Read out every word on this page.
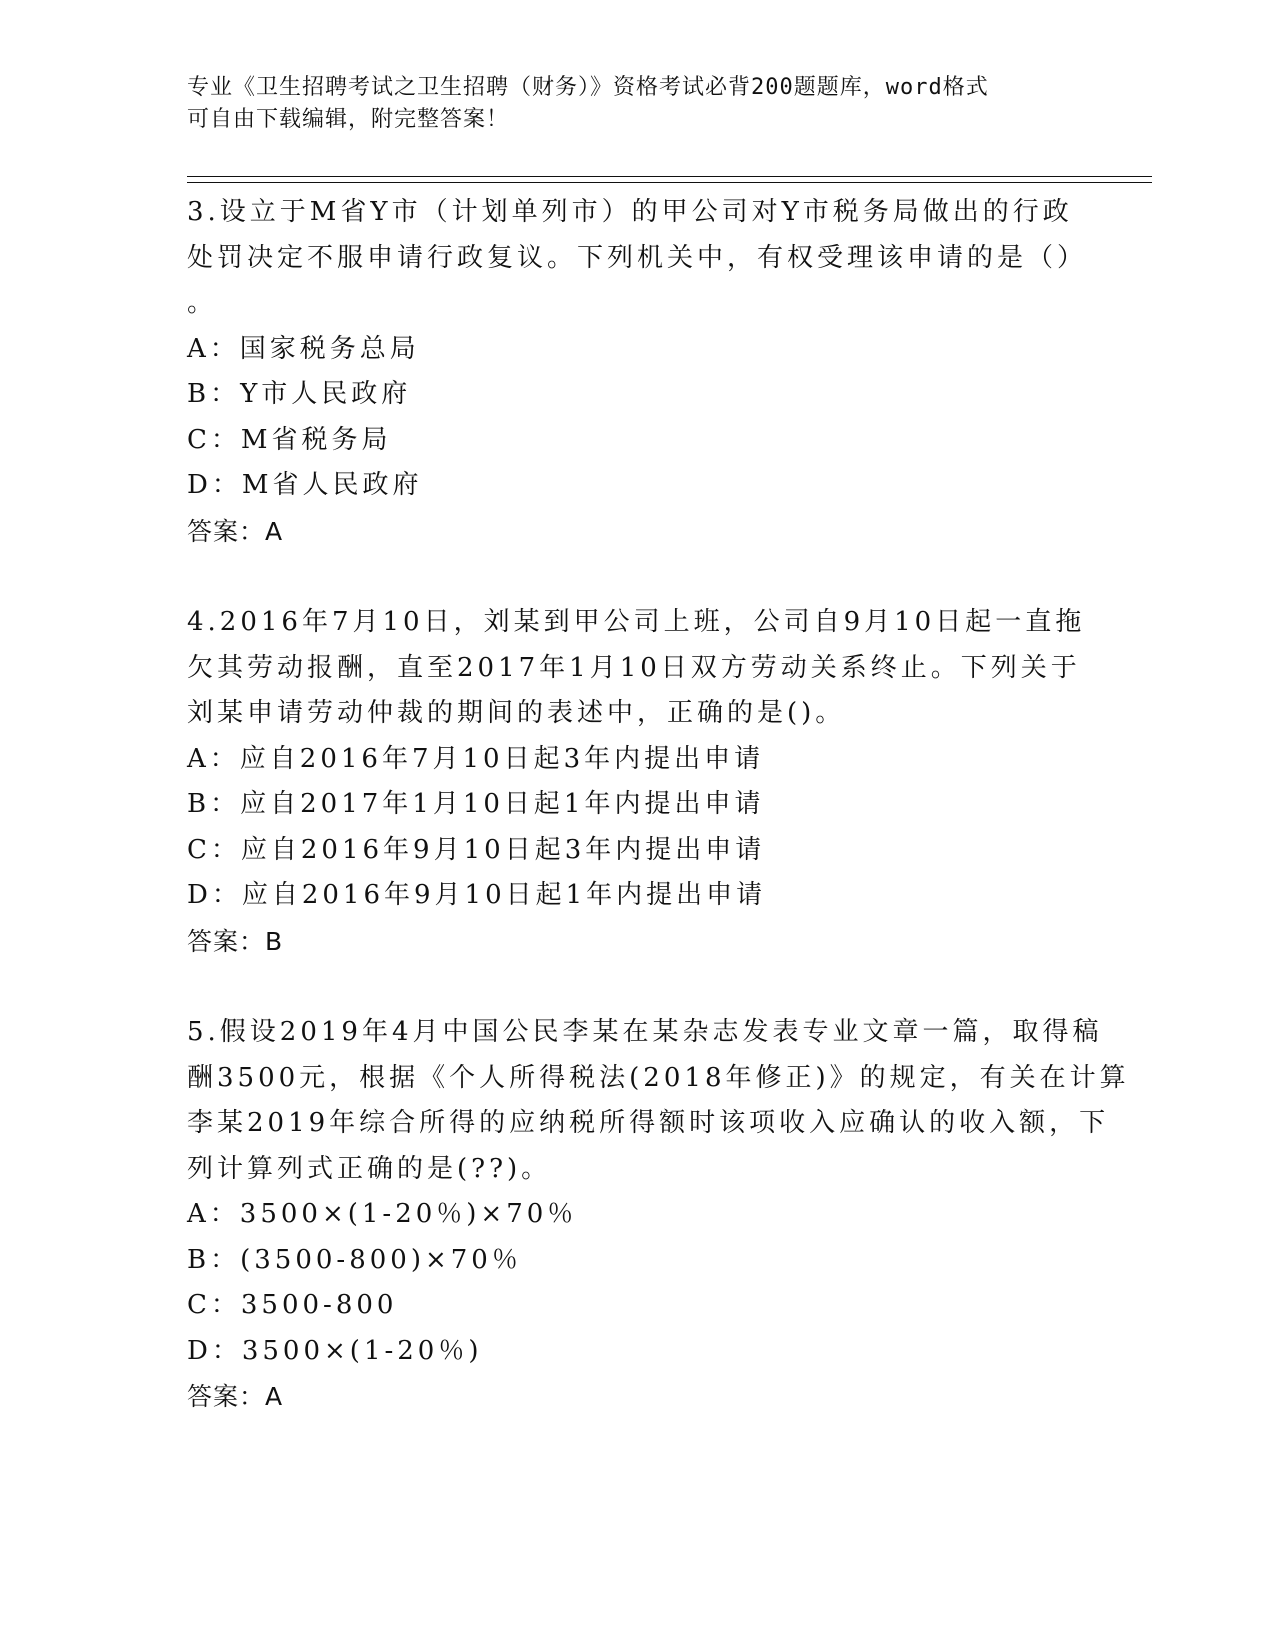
专业《卫生招聘考试之卫生招聘（财务）》资格考试必背200题题库，word格式
可自由下载编辑，附完整答案！
3.设立于M省Y市（计划单列市）的甲公司对Y市税务局做出的行政
处罚决定不服申请行政复议。下列机关中，有权受理该申请的是（）
。
A：国家税务总局
B：Y市人民政府
C：M省税务局
D：M省人民政府
答案：A
4.2016年7月10日，刘某到甲公司上班，公司自9月10日起一直拖
欠其劳动报酬，直至2017年1月10日双方劳动关系终止。下列关于
刘某申请劳动仲裁的期间的表述中，正确的是()。
A：应自2016年7月10日起3年内提出申请
B：应自2017年1月10日起1年内提出申请
C：应自2016年9月10日起3年内提出申请
D：应自2016年9月10日起1年内提出申请
答案：B
5.假设2019年4月中国公民李某在某杂志发表专业文章一篇，取得稿
酬3500元，根据《个人所得税法(2018年修正)》的规定，有关在计算
李某2019年综合所得的应纳税所得额时该项收入应确认的收入额，下
列计算列式正确的是(??)。
A：3500×(1-20％)×70％
B：(3500-800)×70％
C：3500-800
D：3500×(1-20％)
答案：A
